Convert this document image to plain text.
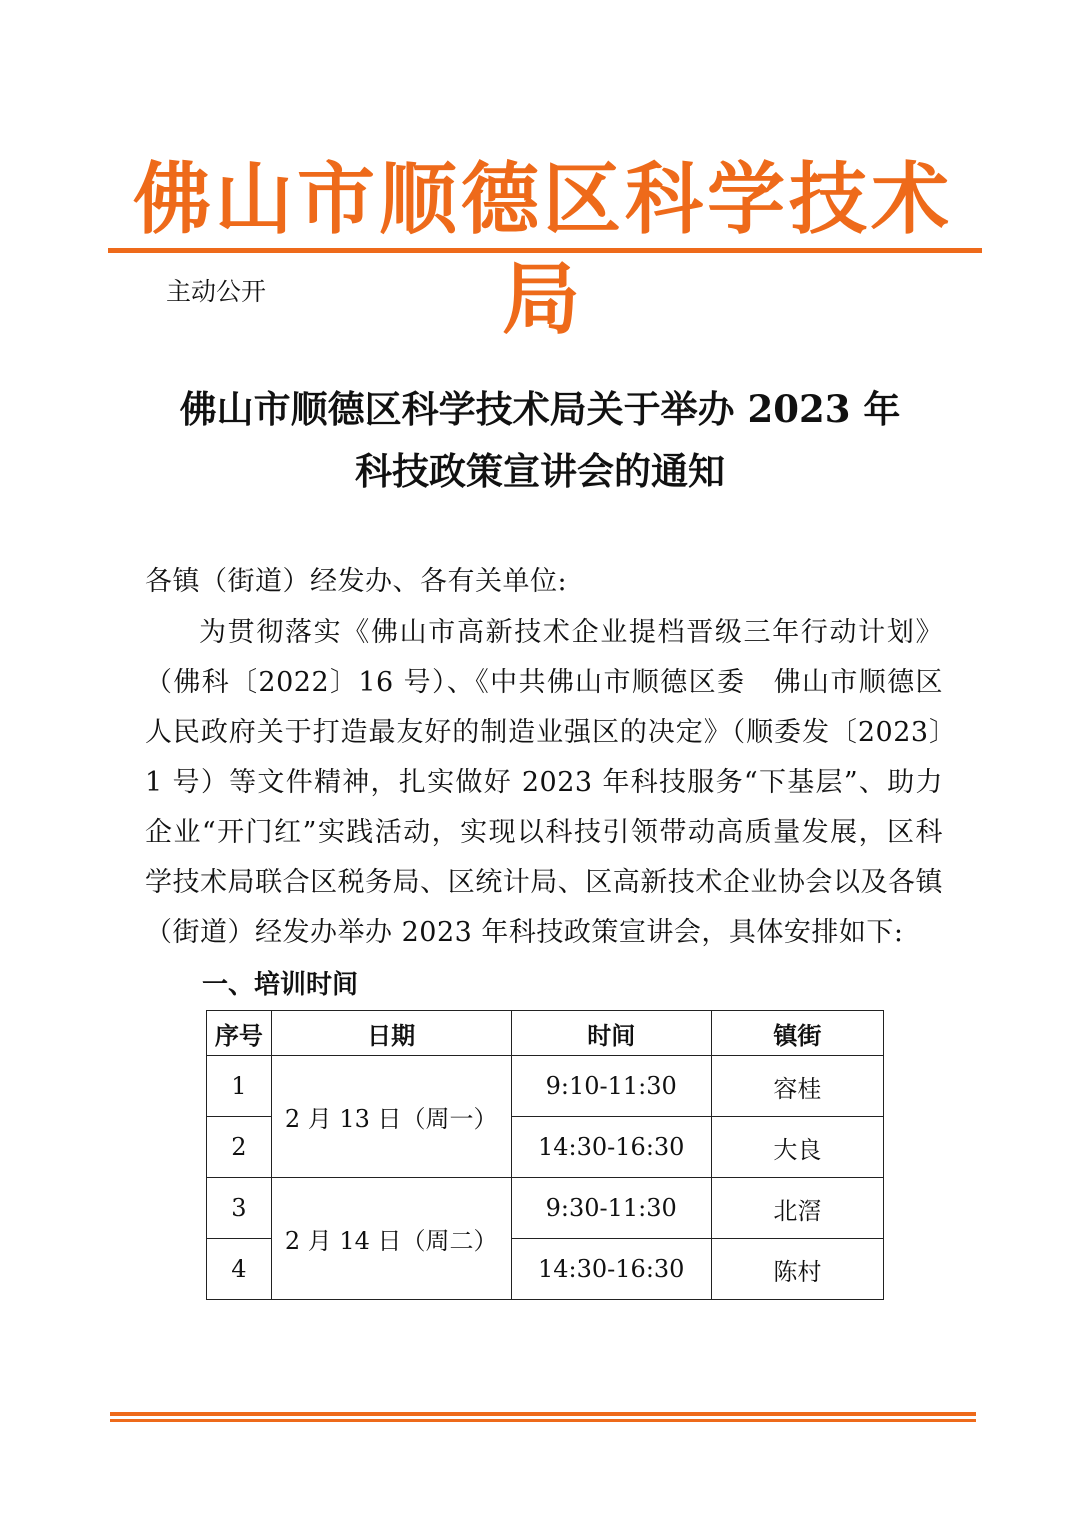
佛山市顺德区科学技术局
主动公开
佛山市顺德区科学技术局关于举办 2023 年
科技政策宣讲会的通知
各镇（街道）经发办、各有关单位:

为贯彻落实《佛山市高新技术企业提档晋级三年行动计划》（佛科〔2022〕16 号）、《中共佛山市顺德区委　佛山市顺德区人民政府关于打造最友好的制造业强区的决定》（顺委发〔2023〕1 号）等文件精神，扎实做好 2023 年科技服务“下基层”、助力企业“开门红”实践活动，实现以科技引领带动高质量发展，区科学技术局联合区税务局、区统计局、区高新技术企业协会以及各镇（街道）经发办举办 2023 年科技政策宣讲会，具体安排如下:

一、培训时间
序号	日期	时间	镇街
1	2 月 13 日（周一）	9:10-11:30	容桂
2		14:30-16:30	大良
3	2 月 14 日（周二）	9:30-11:30	北滘
4		14:30-16:30	陈村
